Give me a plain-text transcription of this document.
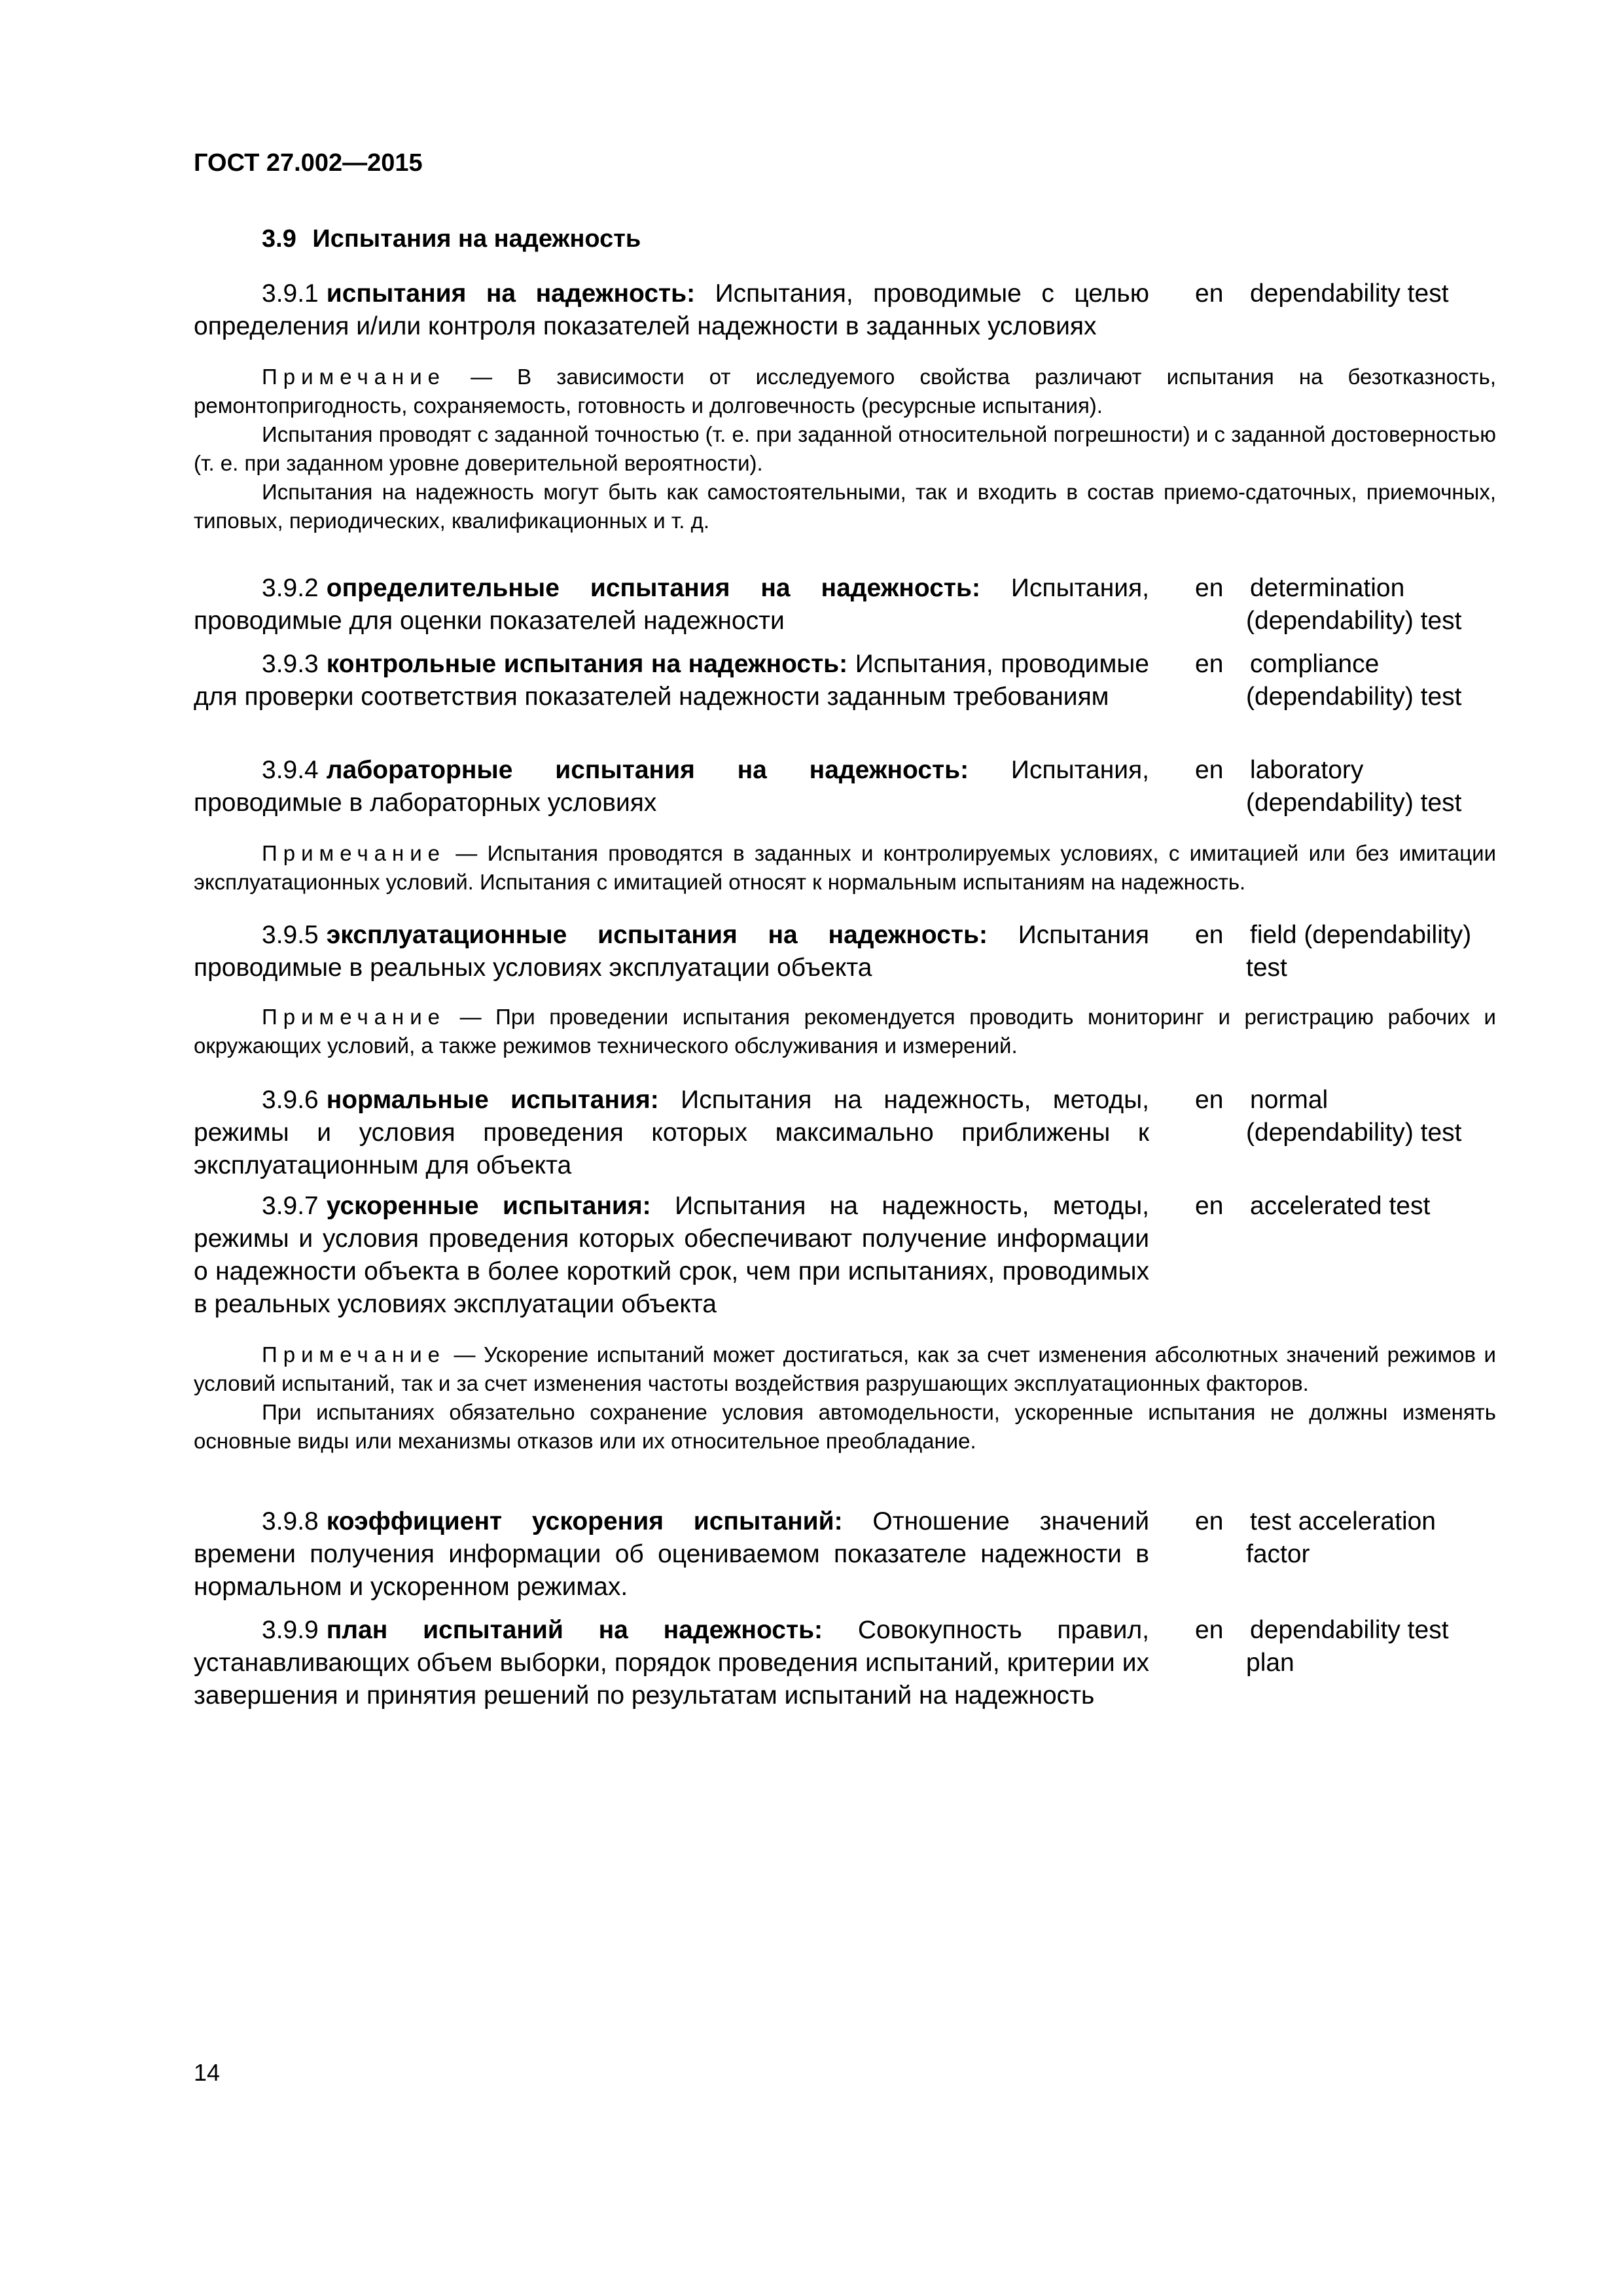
ГОСТ 27.002—2015
3.9 Испытания на надежность
3.9.1 испытания на надежность: Испытания, проводимые с целью определения и/или контроля показателей надежности в заданных условиях
en dependability test

Примечание — В зависимости от исследуемого свойства различают испытания на безотказность, ремонтопригодность, сохраняемость, готовность и долговечность (ресурсные испытания).

Испытания проводят с заданной точностью (т. е. при заданной относительной погрешности) и с заданной достоверностью (т. е. при заданном уровне доверительной вероятности).

Испытания на надежность могут быть как самостоятельными, так и входить в состав приемо-сдаточных, приемочных, типовых, периодических, квалификационных и т. д.

3.9.2 определительные испытания на надежность: Испытания, проводимые для оценки показателей надежности
en determination
(dependability) test
3.9.3 контрольные испытания на надежность: Испытания, проводимые для проверки соответствия показателей надежности заданным требованиям
en compliance
(dependability) test
3.9.4 лабораторные испытания на надежность: Испытания, проводимые в лабораторных условиях
en laboratory
(dependability) test

Примечание — Испытания проводятся в заданных и контролируемых условиях, с имитацией или без имитации эксплуатационных условий. Испытания с имитацией относят к нормальным испытаниям на надежность.

3.9.5 эксплуатационные испытания на надежность: Испытания проводимые в реальных условиях эксплуатации объекта
en field (dependability)
test

Примечание — При проведении испытания рекомендуется проводить мониторинг и регистрацию рабочих и окружающих условий, а также режимов технического обслуживания и измерений.

3.9.6 нормальные испытания: Испытания на надежность, методы, режимы и условия проведения которых максимально приближены к эксплуатационным для объекта
en normal
(dependability) test
3.9.7 ускоренные испытания: Испытания на надежность, методы, режимы и условия проведения которых обеспечивают получение информации о надежности объекта в более короткий срок, чем при испытаниях, проводимых в реальных условиях эксплуатации объекта
en accelerated test

Примечание — Ускорение испытаний может достигаться, как за счет изменения абсолютных значений режимов и условий испытаний, так и за счет изменения частоты воздействия разрушающих эксплуатационных факторов.

При испытаниях обязательно сохранение условия автомодельности, ускоренные испытания не должны изменять основные виды или механизмы отказов или их относительное преобладание.

3.9.8 коэффициент ускорения испытаний: Отношение значений времени получения информации об оцениваемом показателе надежности в нормальном и ускоренном режимах.
en test acceleration
factor
3.9.9 план испытаний на надежность: Совокупность правил, устанавливающих объем выборки, порядок проведения испытаний, критерии их завершения и принятия решений по результатам испытаний на надежность
en dependability test
plan
14
